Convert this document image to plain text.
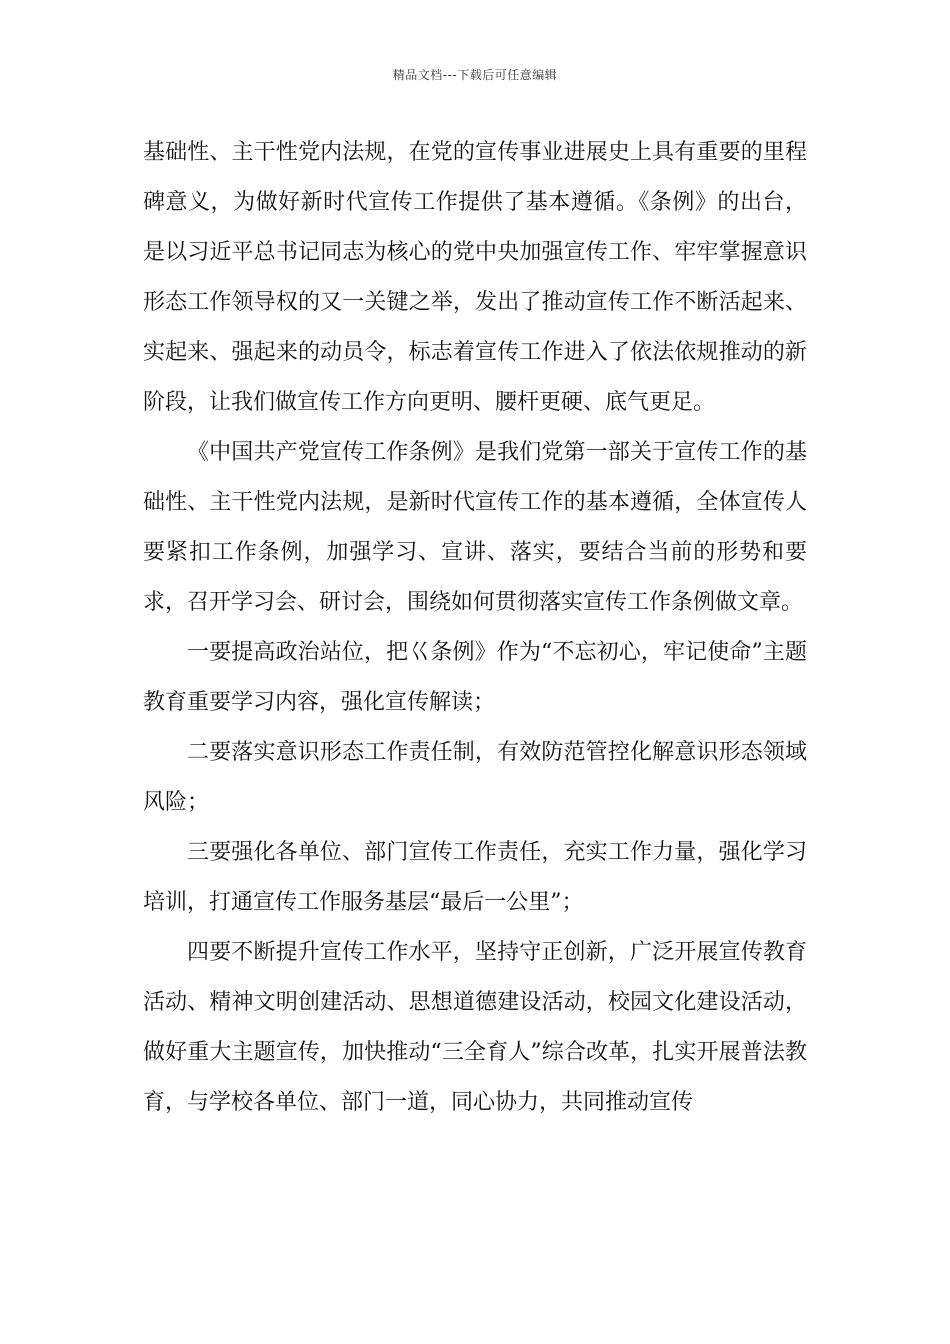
精品文档---下载后可任意编辑

基础性、主干性党内法规，在党的宣传事业进展史上具有重要的里程碑意义，为做好新时代宣传工作提供了基本遵循。《条例》的出台，是以习近平总书记同志为核心的党中央加强宣传工作、牢牢掌握意识形态工作领导权的又一关键之举，发出了推动宣传工作不断活起来、实起来、强起来的动员令，标志着宣传工作进入了依法依规推动的新阶段，让我们做宣传工作方向更明、腰杆更硬、底气更足。

《中国共产党宣传工作条例》是我们党第一部关于宣传工作的基础性、主干性党内法规，是新时代宣传工作的基本遵循，全体宣传人要紧扣工作条例，加强学习、宣讲、落实，要结合当前的形势和要求，召开学习会、研讨会，围绕如何贯彻落实宣传工作条例做文章。

一要提高政治站位，把巜条例》作为“不忘初心，牢记使命”主题教育重要学习内容，强化宣传解读；

二要落实意识形态工作责任制，有效防范管控化解意识形态领域风险；

三要强化各单位、部门宣传工作责任，充实工作力量，强化学习培训，打通宣传工作服务基层“最后一公里”；

四要不断提升宣传工作水平，坚持守正创新，广泛开展宣传教育活动、精神文明创建活动、思想道德建设活动，校园文化建设活动，做好重大主题宣传，加快推动“三全育人”综合改革，扎实开展普法教育，与学校各单位、部门一道，同心协力，共同推动宣传
